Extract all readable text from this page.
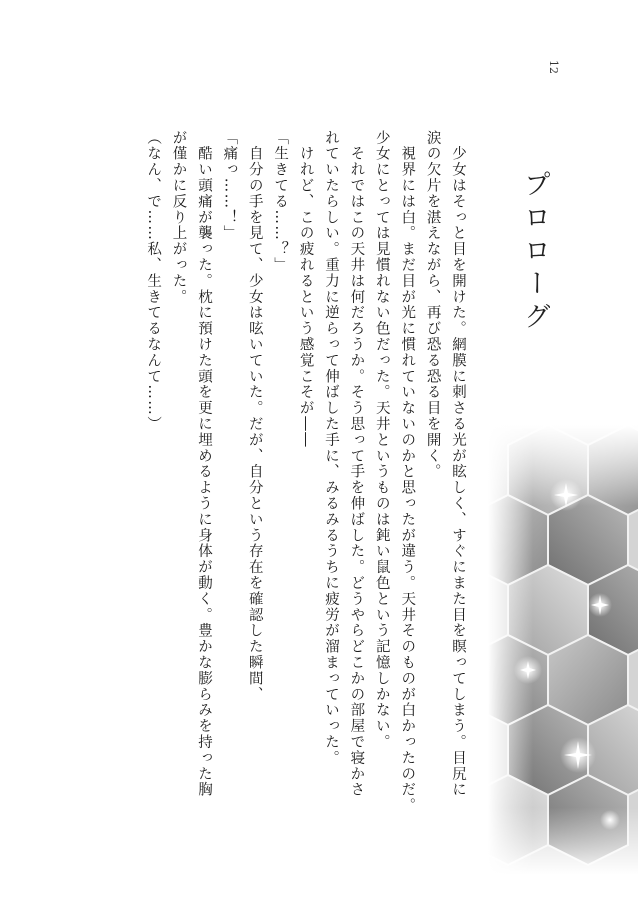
12
プロローグ

　少女はそっと目を開けた。網膜に刺さる光が眩しく、すぐにまた目を瞑ってしまう。目尻に

涙の欠片を湛えながら、再び恐る恐る目を開く。

　視界には白。まだ目が光に慣れていないのかと思ったが違う。天井そのものが白かったのだ。

少女にとっては見慣れない色だった。天井というものは鈍い鼠色という記憶しかない。

　それではこの天井は何だろうか。そう思って手を伸ばした。どうやらどこかの部屋で寝かさ

れていたらしい。重力に逆らって伸ばした手に、みるみるうちに疲労が溜まっていった。

　けれど、この疲れるという感覚こそが――

「生きてる……？」

　自分の手を見て、少女は呟いていた。だが、自分という存在を確認した瞬間、

「痛っ……！」

　酷い頭痛が襲った。枕に預けた頭を更に埋めるように身体が動く。豊かな膨らみを持った胸

が僅かに反り上がった。

（なん、で……私、生きてるなんて……）
